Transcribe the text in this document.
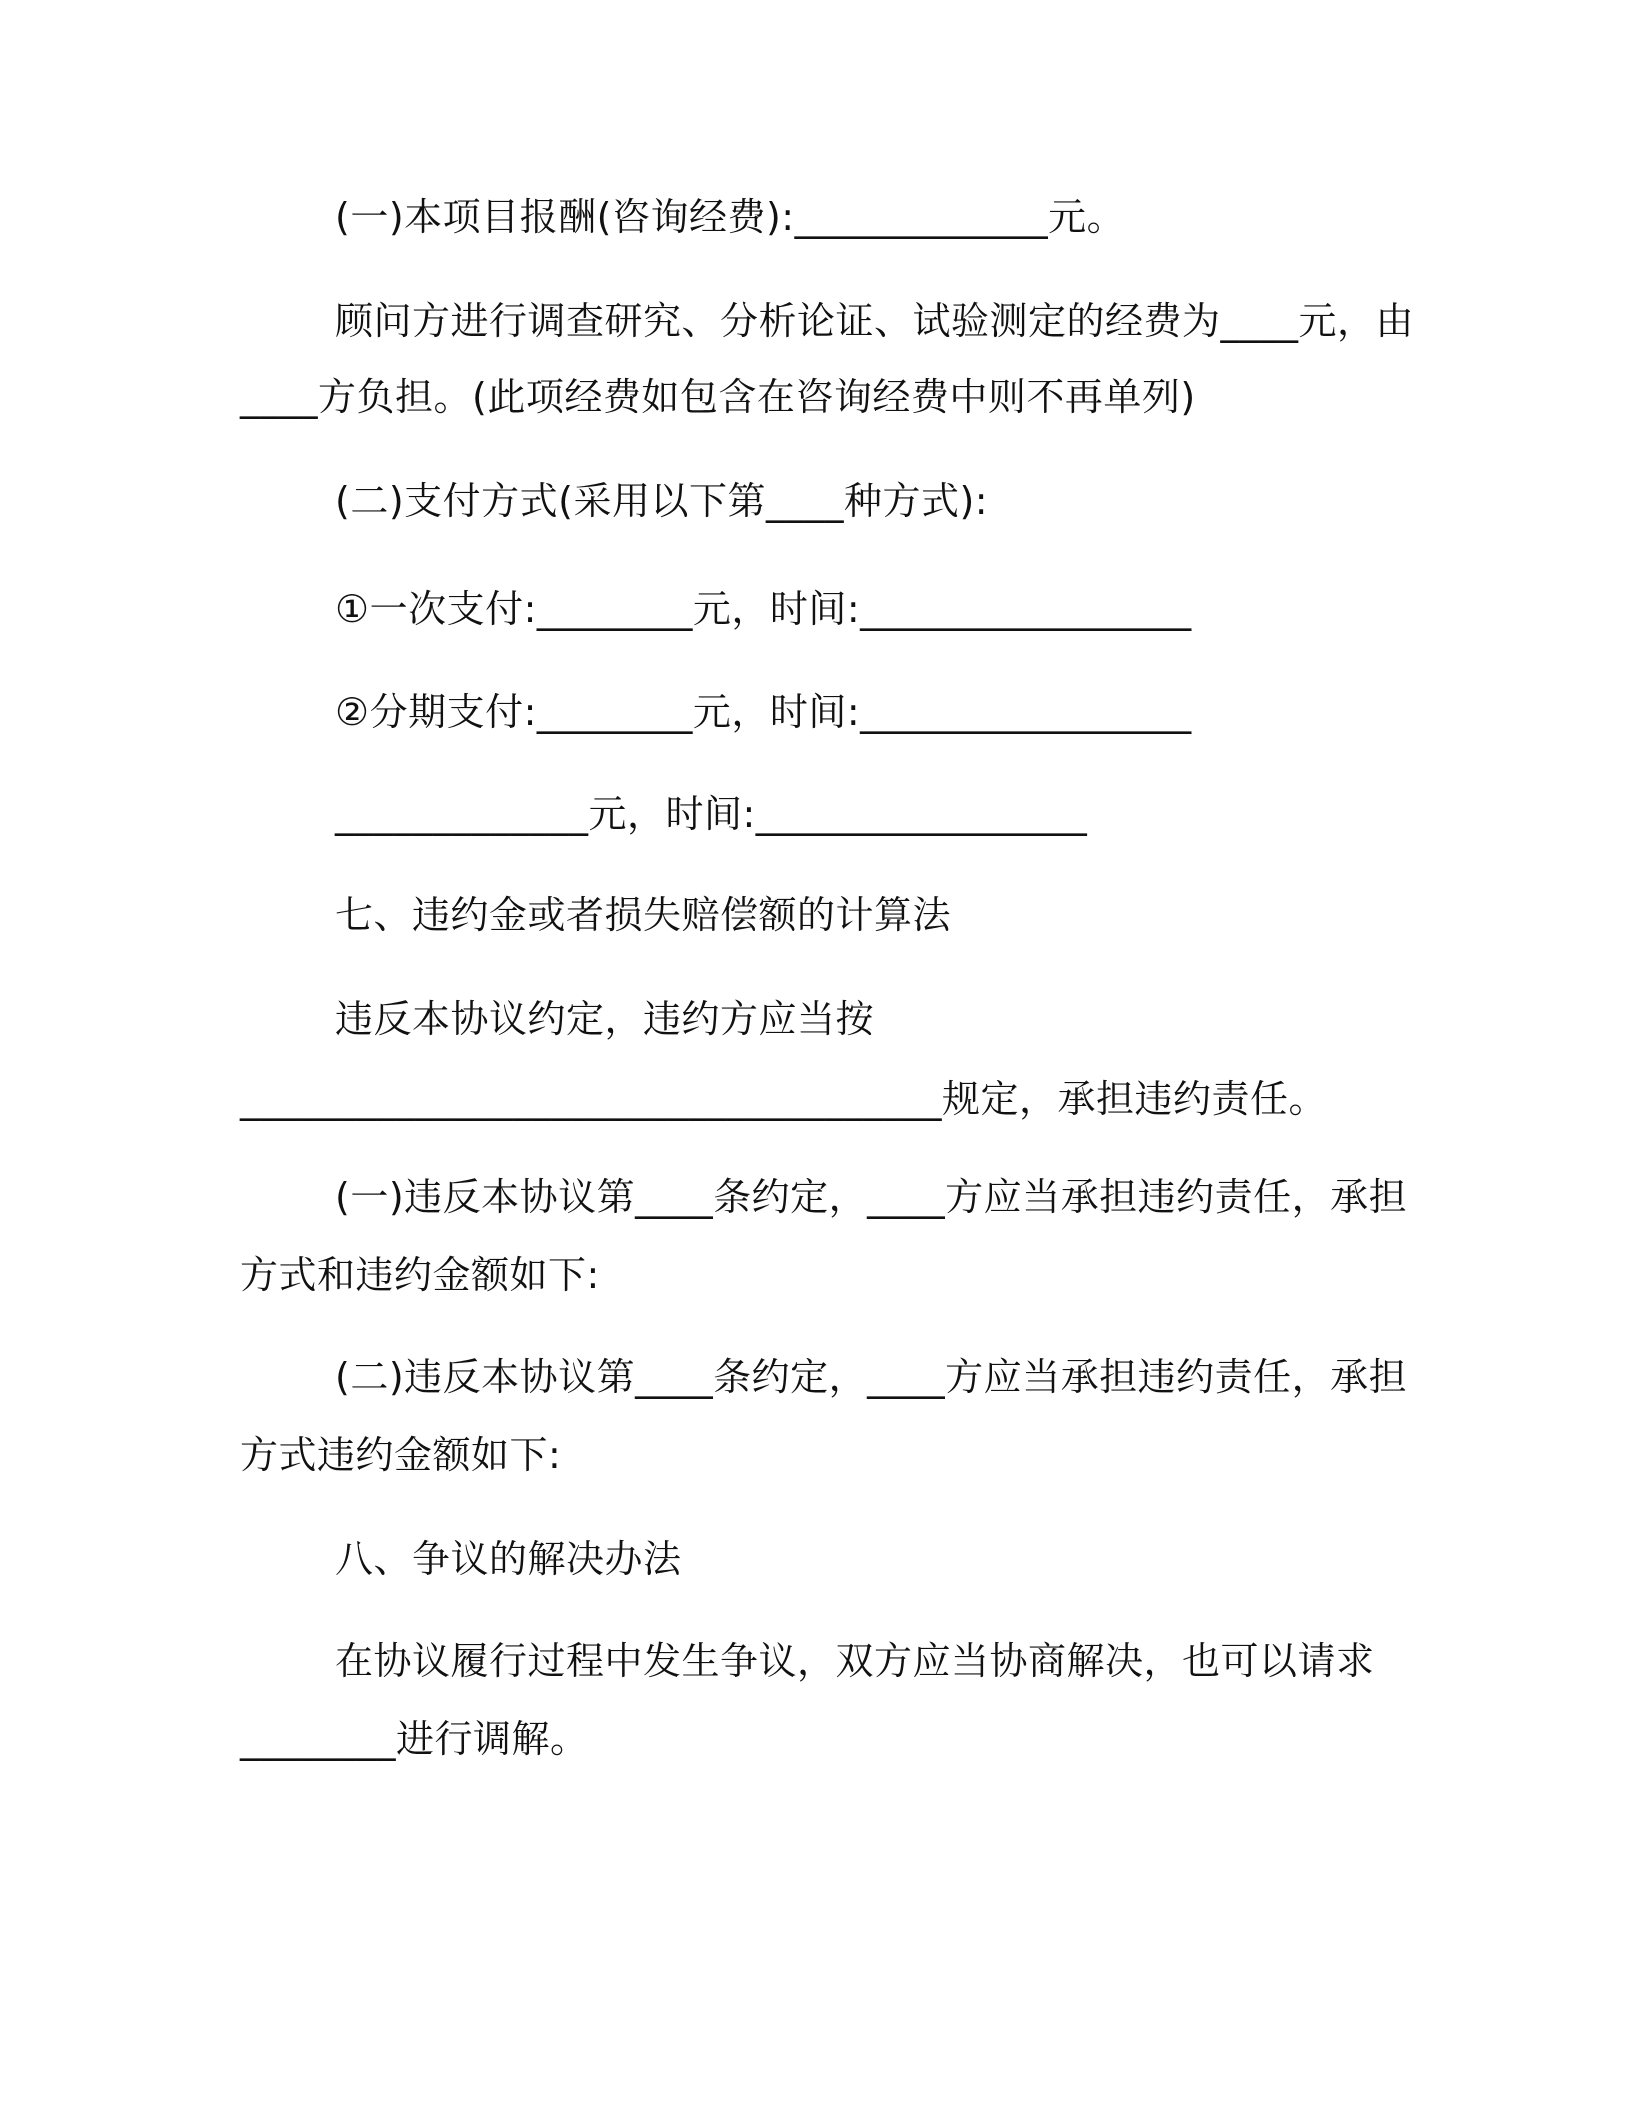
(一)本项目报酬(咨询经费):_____________元。
顾问方进行调查研究、分析论证、试验测定的经费为____元，由
____方负担。(此项经费如包含在咨询经费中则不再单列)
(二)支付方式(采用以下第____种方式):
①一次支付:________元，时间:_________________
②分期支付:________元，时间:_________________
_____________元，时间:_________________
七、违约金或者损失赔偿额的计算法
违反本协议约定，违约方应当按
____________________________________规定，承担违约责任。
(一)违反本协议第____条约定，____方应当承担违约责任，承担
方式和违约金额如下:
(二)违反本协议第____条约定，____方应当承担违约责任，承担
方式违约金额如下:
八、争议的解决办法
在协议履行过程中发生争议，双方应当协商解决，也可以请求
________进行调解。
